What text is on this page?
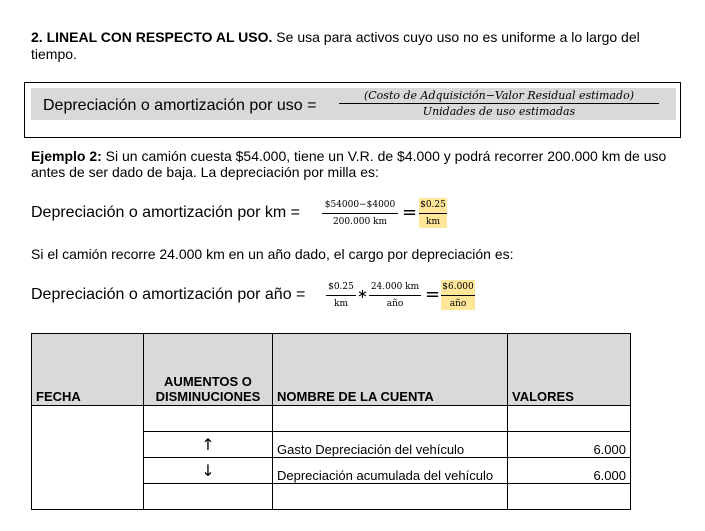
2. LINEAL CON RESPECTO AL USO. Se usa para activos cuyo uso no es uniforme a lo largo del tiempo.
Depreciación o amortización por uso =
(Costo de Adquisición−Valor Residual estimado)
Unidades de uso estimadas
Ejemplo 2: Si un camión cuesta $54.000, tiene un V.R. de $4.000 y podrá recorrer 200.000 km de uso antes de ser dado de baja. La depreciación por milla es:
Depreciación o amortización por km =	$54000−$4000
200.000 km = $0.25
km
Si el camión recorre 24.000 km en un año dado, el cargo por depreciación es:
Depreciación o amortización por año =	$0.25
km
∗ 24.000 km
año	= $6.000
año
FECHA	AUMENTOS O DISMINUCIONES	NOMBRE DE LA CUENTA	VALORES

	↑	Gasto Depreciación del vehículo	6.000
	↓	Depreciación acumulada del vehículo	6.000
